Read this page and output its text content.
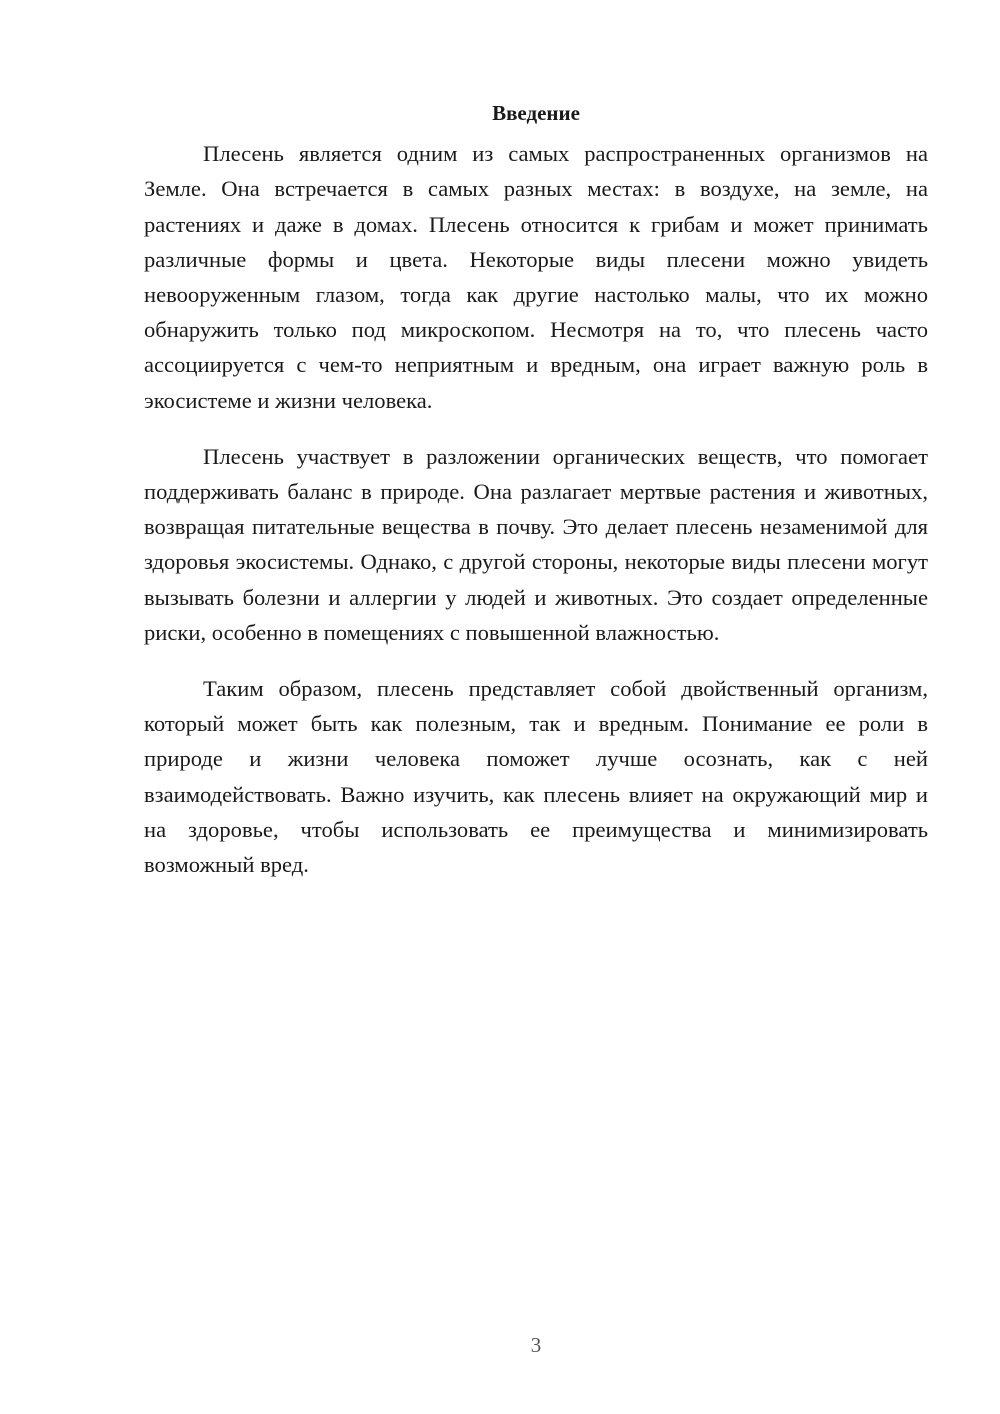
Введение

Плесень является одним из самых распространенных организмов на Земле. Она встречается в самых разных местах: в воздухе, на земле, на растениях и даже в домах. Плесень относится к грибам и может принимать различные формы и цвета. Некоторые виды плесени можно увидеть невооруженным глазом, тогда как другие настолько малы, что их можно обнаружить только под микроскопом. Несмотря на то, что плесень часто ассоциируется с чем-то неприятным и вредным, она играет важную роль в экосистеме и жизни человека.

Плесень участвует в разложении органических веществ, что помогает поддерживать баланс в природе. Она разлагает мертвые растения и животных, возвращая питательные вещества в почву. Это делает плесень незаменимой для здоровья экосистемы. Однако, с другой стороны, некоторые виды плесени могут вызывать болезни и аллергии у людей и животных. Это создает определенные риски, особенно в помещениях с повышенной влажностью.

Таким образом, плесень представляет собой двойственный организм, который может быть как полезным, так и вредным. Понимание ее роли в природе и жизни человека поможет лучше осознать, как с ней взаимодействовать. Важно изучить, как плесень влияет на окружающий мир и на здоровье, чтобы использовать ее преимущества и минимизировать возможный вред.

3
